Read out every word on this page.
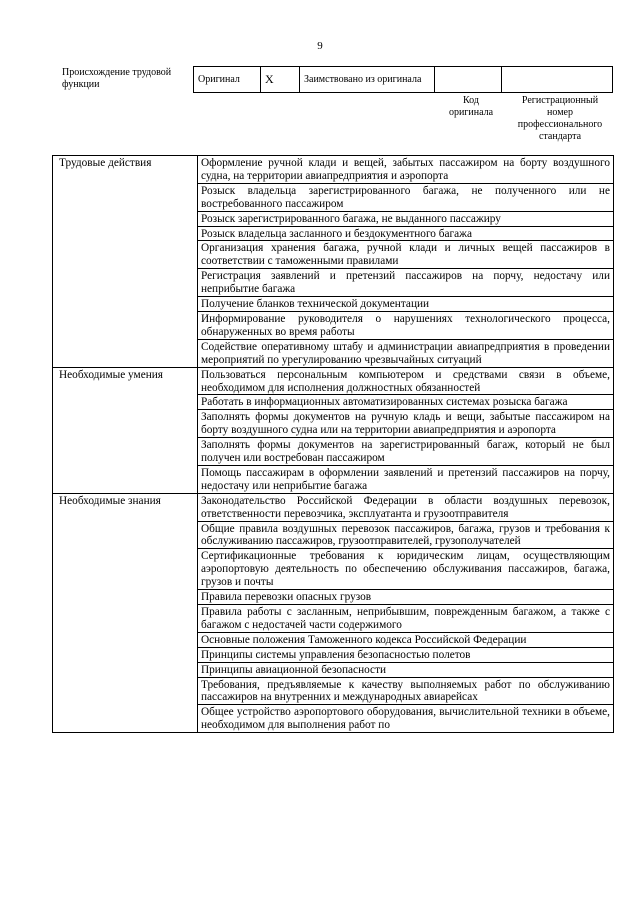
9
Происхождение трудовой функции	Оригинал	X	Заимствовано из оригинала		
Код оригинала
Регистрационный номер профессионального стандарта
Трудовые действия	Оформление ручной клади и вещей, забытых пассажиром на борту воздушного судна, на территории авиапредприятия и аэропорта
	Розыск владельца зарегистрированного багажа, не полученного или не востребованного пассажиром
	Розыск зарегистрированного багажа, не выданного пассажиру
	Розыск владельца засланного и бездокументного багажа
	Организация хранения багажа, ручной клади и личных вещей пассажиров в соответствии с таможенными правилами
	Регистрация заявлений и претензий пассажиров на порчу, недостачу или неприбытие багажа
	Получение бланков технической документации
	Информирование руководителя о нарушениях технологического процесса, обнаруженных во время работы
	Содействие оперативному штабу и администрации авиапредприятия в проведении мероприятий по урегулированию чрезвычайных ситуаций
Необходимые умения	Пользоваться персональным компьютером и средствами связи в объеме, необходимом для исполнения должностных обязанностей
	Работать в информационных автоматизированных системах розыска багажа
	Заполнять формы документов на ручную кладь и вещи, забытые пассажиром на борту воздушного судна или на территории авиапредприятия и аэропорта
	Заполнять формы документов на зарегистрированный багаж, который не был получен или востребован пассажиром
	Помощь пассажирам в оформлении заявлений и претензий пассажиров на порчу, недостачу или неприбытие багажа
Необходимые знания	Законодательство Российской Федерации в области воздушных перевозок, ответственности перевозчика, эксплуатанта и грузоотправителя
	Общие правила воздушных перевозок пассажиров, багажа, грузов и требования к обслуживанию пассажиров, грузоотправителей, грузополучателей
	Сертификационные требования к юридическим лицам, осуществляющим аэропортовую деятельность по обеспечению обслуживания пассажиров, багажа, грузов и почты
	Правила перевозки опасных грузов
	Правила работы с засланным, неприбывшим, поврежденным багажом, а также с багажом с недостачей части содержимого
	Основные положения Таможенного кодекса Российской Федерации
	Принципы системы управления безопасностью полетов
	Принципы авиационной безопасности
	Требования, предъявляемые к качеству выполняемых работ по обслуживанию пассажиров на внутренних и международных авиарейсах
	Общее устройство аэропортового оборудования, вычислительной техники в объеме, необходимом для выполнения работ по
